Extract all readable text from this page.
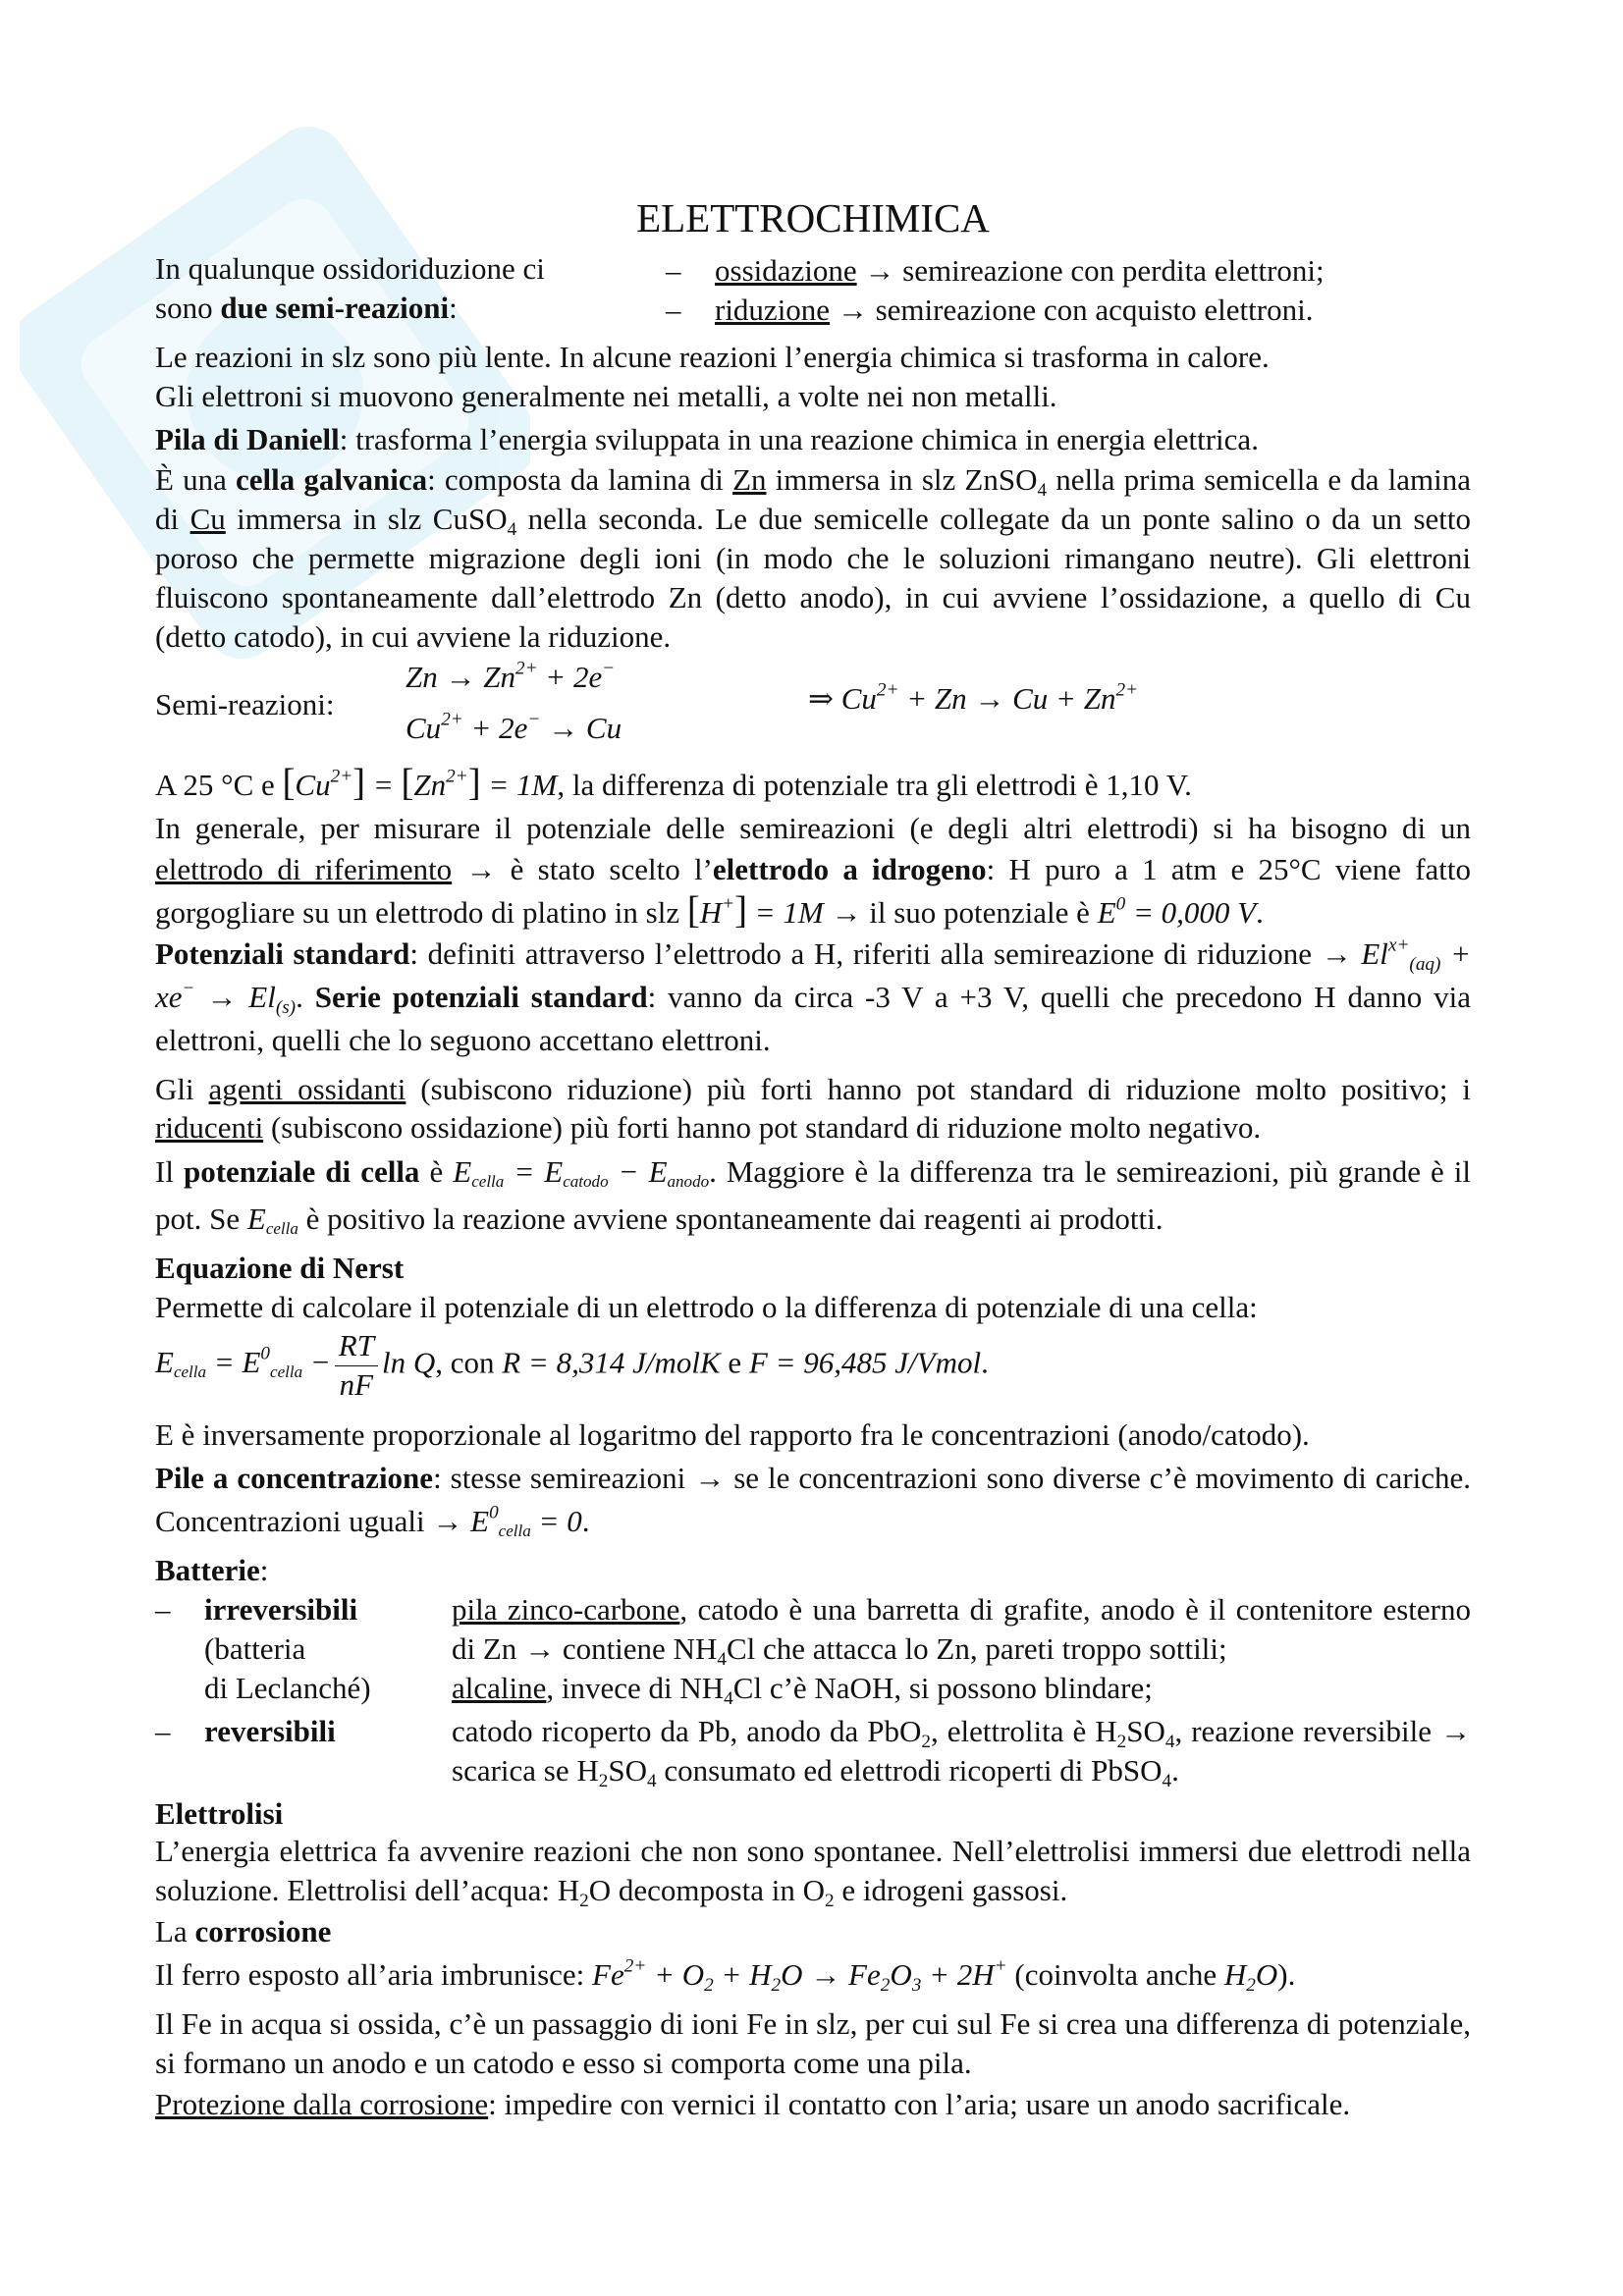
ELETTROCHIMICA
In qualunque ossidoriduzione ci
sono due semi-reazioni:
– ossidazione → semireazione con perdita elettroni;
– riduzione → semireazione con acquisto elettroni.
Le reazioni in slz sono più lente. In alcune reazioni l’energia chimica si trasforma in calore.
Gli elettroni si muovono generalmente nei metalli, a volte nei non metalli.
Pila di Daniell: trasforma l’energia sviluppata in una reazione chimica in energia elettrica.
È una cella galvanica: composta da lamina di Zn immersa in slz ZnSO$_4$ nella prima semicella e da lamina di Cu immersa in slz CuSO$_4$ nella seconda. Le due semicelle collegate da un ponte salino o da un setto poroso che permette migrazione degli ioni (in modo che le soluzioni rimangano neutre). Gli elettroni fluiscono spontaneamente dall’elettrodo Zn (detto anodo), in cui avviene l’ossidazione, a quello di Cu (detto catodo), in cui avviene la riduzione.
Semi-reazioni:
$Zn \to Zn^{2+} + 2e^-$
$Cu^{2+} + 2e^- \to Cu$
⇒ $Cu^{2+} + Zn \to Cu + Zn^{2+}$
A 25 °C e $[Cu^{2+}] = [Zn^{2+}] = 1M$, la differenza di potenziale tra gli elettrodi è 1,10 V.
In generale, per misurare il potenziale delle semireazioni (e degli altri elettrodi) si ha bisogno di un elettrodo di riferimento → è stato scelto l’elettrodo a idrogeno: H puro a 1 atm e 25°C viene fatto gorgogliare su un elettrodo di platino in slz [H+] = 1M → il suo potenziale è $E^0 = 0,000$ V.
Potenziali standard: definiti attraverso l’elettrodo a H, riferiti alla semireazione di riduzione → $El^{x+}_{(aq)} + xe^- \to El_{(s)}$. Serie potenziali standard: vanno da circa -3 V a +3 V, quelli che precedono H danno via elettroni, quelli che lo seguono accettano elettroni.
Gli agenti ossidanti (subiscono riduzione) più forti hanno pot standard di riduzione molto positivo; i riducenti (subiscono ossidazione) più forti hanno pot standard di riduzione molto negativo.
Il potenziale di cella è $E_{cella} = E_{catodo} - E_{anodo}$. Maggiore è la differenza tra le semireazioni, più grande è il pot. Se $E_{cella}$ è positivo la reazione avviene spontaneamente dai reagenti ai prodotti.
Equazione di Nerst
Permette di calcolare il potenziale di un elettrodo o la differenza di potenziale di una cella:
$E_{cella} = E^0_{cella} - \frac{RT}{nF}$ ln Q, con R = 8,314 J/molK e F = 96,485 J/Vmol.
E è inversamente proporzionale al logaritmo del rapporto fra le concentrazioni (anodo/catodo).
Pile a concentrazione: stesse semireazioni → se le concentrazioni sono diverse c’è movimento di cariche. Concentrazioni uguali → $E^0_{cella} = 0$.
Batterie:
– irreversibili
(batteria
di Leclanché)
pila zinco-carbone, catodo è una barretta di grafite, anodo è il contenitore esterno di Zn → contiene $NH_4Cl$ che attacca lo Zn, pareti troppo sottili;
alcaline, invece di $NH_4Cl$ c’è NaOH, si possono blindare;
– reversibili	catodo ricoperto da Pb, anodo da PbO$_2$, elettrolita è $H_2SO_4$, reazione reversibile → scarica se $H_2SO_4$ consumato ed elettrodi ricoperti di PbSO$_4$.
Elettrolisi
L’energia elettrica fa avvenire reazioni che non sono spontanee. Nell’elettrolisi immersi due elettrodi nella soluzione. Elettrolisi dell’acqua: $H_2O$ decomposta in $O_2$ e idrogeni gassosi.
La corrosione
Il ferro esposto all’aria imbrunisce: $Fe^{2+} + O_2 + H_2O \to Fe_2O_3 + 2H^+$ (coinvolta anche $H_2O$).
Il Fe in acqua si ossida, c’è un passaggio di ioni Fe in slz, per cui sul Fe si crea una differenza di potenziale, si formano un anodo e un catodo e esso si comporta come una pila.
Protezione dalla corrosione: impedire con vernici il contatto con l’aria; usare un anodo sacrificale.
